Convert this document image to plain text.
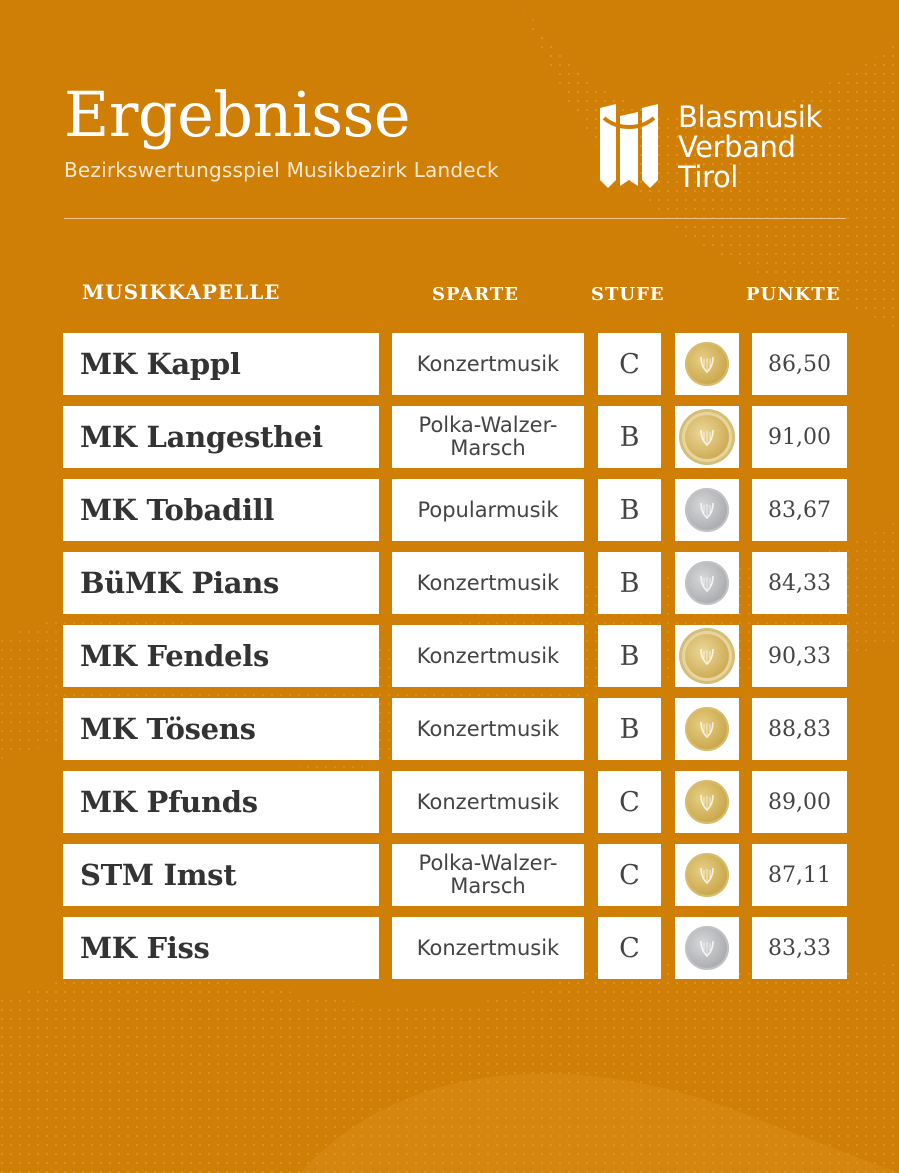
Ergebnisse
Bezirkswertungsspiel Musikbezirk Landeck
Blasmusik
Verband
Tirol
MUSIKKAPELLE	SPARTE	STUFE	PUNKTE
MK Kappl	Konzertmusik	C	86,50
MK Langesthei	Polka-Walzer-Marsch	B	91,00
MK Tobadill	Popularmusik	B	83,67
BüMK Pians	Konzertmusik	B	84,33
MK Fendels	Konzertmusik	B	90,33
MK Tösens	Konzertmusik	B	88,83
MK Pfunds	Konzertmusik	C	89,00
STM Imst	Polka-Walzer-Marsch	C	87,11
MK Fiss	Konzertmusik	C	83,33
